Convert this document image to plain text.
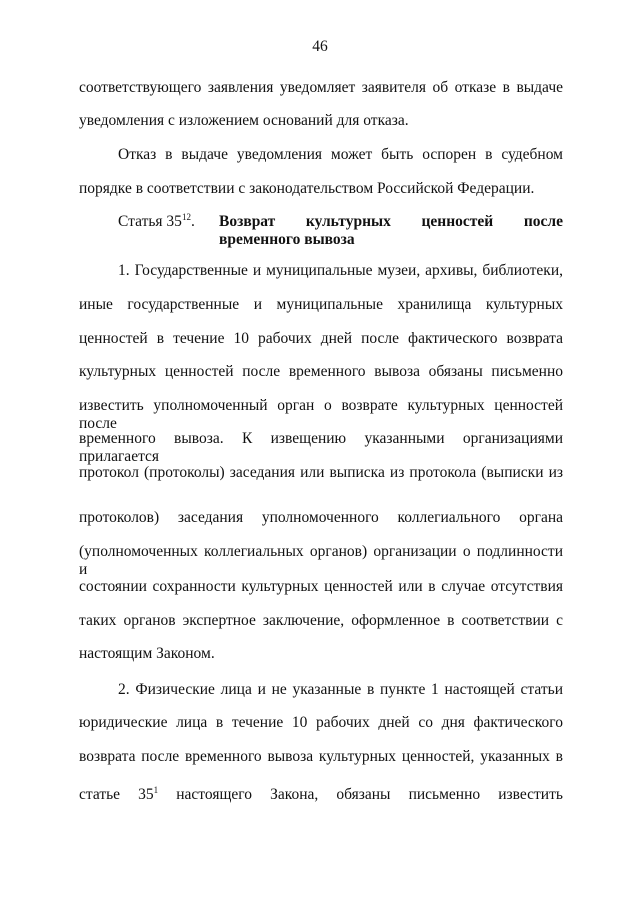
46
соответствующего заявления уведомляет заявителя об отказе в выдаче
уведомления с изложением оснований для отказа.
Отказ в выдаче уведомления может быть оспорен в судебном
порядке в соответствии с законодательством Российской Федерации.
Статья $35^{12}$. Возврат культурных ценностей после временного вывоза
1. Государственные и муниципальные музеи, архивы, библиотеки,
иные государственные и муниципальные хранилища культурных
ценностей в течение 10 рабочих дней после фактического возврата
культурных ценностей после временного вывоза обязаны письменно
известить уполномоченный орган о возврате культурных ценностей после
временного вывоза. К извещению указанными организациями прилагается
протокол (протоколы) заседания или выписка из протокола (выписки из
протоколов) заседания уполномоченного коллегиального органа
(уполномоченных коллегиальных органов) организации о подлинности и
состоянии сохранности культурных ценностей или в случае отсутствия
таких органов экспертное заключение, оформленное в соответствии с
настоящим Законом.
2. Физические лица и не указанные в пункте 1 настоящей статьи
юридические лица в течение 10 рабочих дней со дня фактического
возврата после временного вывоза культурных ценностей, указанных в
статье $35^1$ настоящего Закона, обязаны письменно известить
